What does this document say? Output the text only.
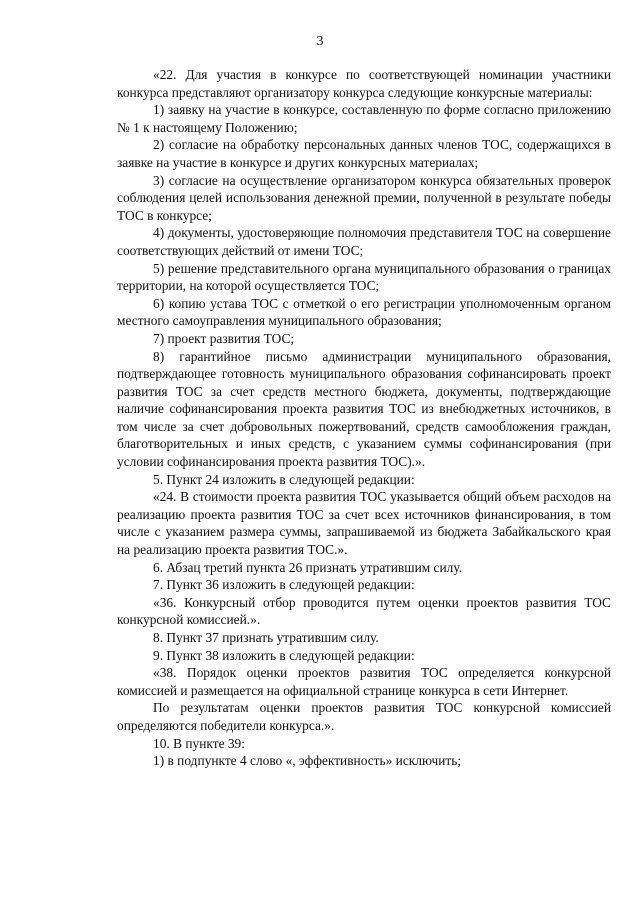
3

«22. Для участия в конкурсе по соответствующей номинации участники конкурса представляют организатору конкурса следующие конкурсные материалы:

1) заявку на участие в конкурсе, составленную по форме согласно приложению № 1 к настоящему Положению;

2) согласие на обработку персональных данных членов ТОС, содержащихся в заявке на участие в конкурсе и других конкурсных материалах;

3) согласие на осуществление организатором конкурса обязательных проверок соблюдения целей использования денежной премии, полученной в результате победы ТОС в конкурсе;

4) документы, удостоверяющие полномочия представителя ТОС на совершение соответствующих действий от имени ТОС;

5) решение представительного органа муниципального образования о границах территории, на которой осуществляется ТОС;

6) копию устава ТОС с отметкой о его регистрации уполномоченным органом местного самоуправления муниципального образования;

7) проект развития ТОС;

8) гарантийное письмо администрации муниципального образования, подтверждающее готовность муниципального образования софинансировать проект развития ТОС за счет средств местного бюджета, документы, подтверждающие наличие софинансирования проекта развития ТОС из внебюджетных источников, в том числе за счет добровольных пожертвований, средств самообложения граждан, благотворительных и иных средств, с указанием суммы софинансирования (при условии софинансирования проекта развития ТОС).».

5. Пункт 24 изложить в следующей редакции:

«24. В стоимости проекта развития ТОС указывается общий объем расходов на реализацию проекта развития ТОС за счет всех источников финансирования, в том числе с указанием размера суммы, запрашиваемой из бюджета Забайкальского края на реализацию проекта развития ТОС.».

6. Абзац третий пункта 26 признать утратившим силу.

7. Пункт 36 изложить в следующей редакции:

«36. Конкурсный отбор проводится путем оценки проектов развития ТОС конкурсной комиссией.».

8. Пункт 37 признать утратившим силу.

9. Пункт 38 изложить в следующей редакции:

«38. Порядок оценки проектов развития ТОС определяется конкурсной комиссией и размещается на официальной странице конкурса в сети Интернет.

По результатам оценки проектов развития ТОС конкурсной комиссией определяются победители конкурса.».

10. В пункте 39:

1) в подпункте 4 слово «, эффективность» исключить;
